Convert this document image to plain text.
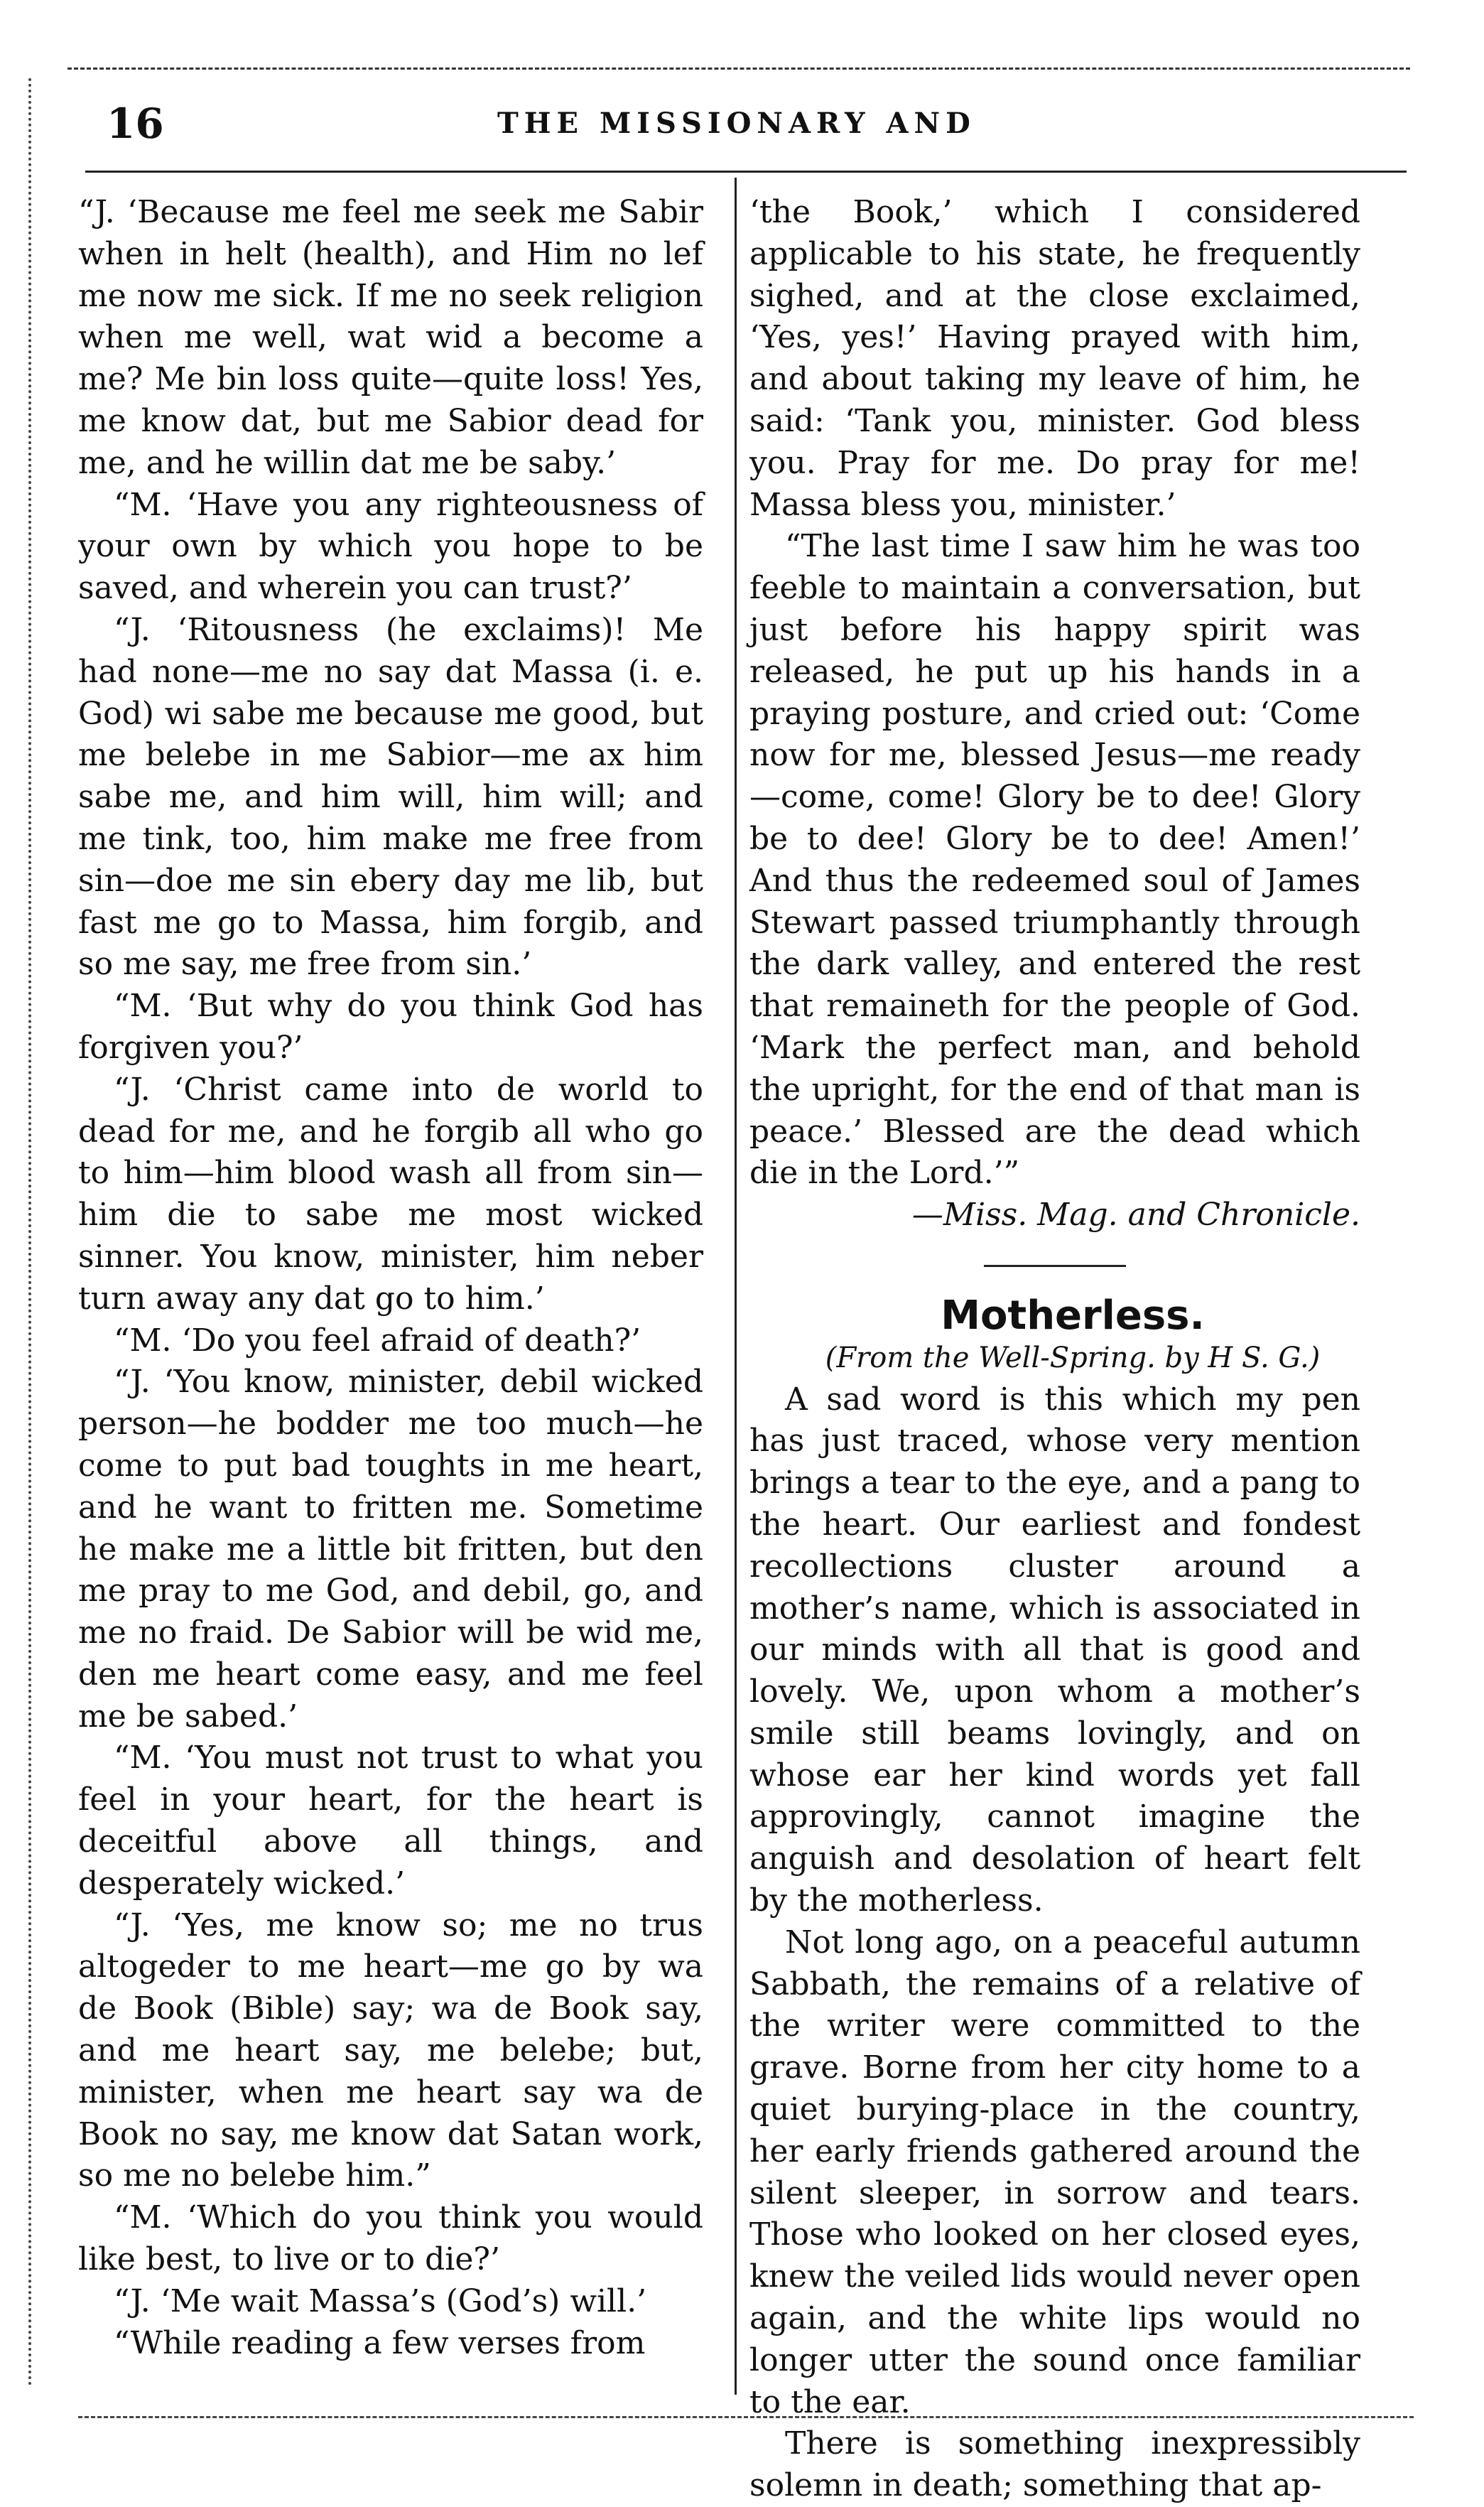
16	THE MISSIONARY AND

“J. ‘Because me feel me seek me Sabir when in helt (health), and Him no lef me now me sick. If me no seek religion when me well, wat wid a become a me? Me bin loss quite—quite loss! Yes, me know dat, but me Sabior dead for me, and he willin dat me be saby.’

“M. ‘Have you any righteousness of your own by which you hope to be saved, and wherein you can trust?’

“J. ‘Ritousness (he exclaims)! Me had none—me no say dat Massa (i. e. God) wi sabe me because me good, but me belebe in me Sabior—me ax him sabe me, and him will, him will; and me tink, too, him make me free from sin—doe me sin ebery day me lib, but fast me go to Massa, him forgib, and so me say, me free from sin.’

“M. ‘But why do you think God has forgiven you?’

“J. ‘Christ came into de world to dead for me, and he forgib all who go to him—him blood wash all from sin—him die to sabe me most wicked sinner. You know, minister, him neber turn away any dat go to him.’

“M. ‘Do you feel afraid of death?’

“J. ‘You know, minister, debil wicked person—he bodder me too much—he come to put bad toughts in me heart, and he want to fritten me. Sometime he make me a little bit fritten, but den me pray to me God, and debil, go, and me no fraid. De Sabior will be wid me, den me heart come easy, and me feel me be sabed.’

“M. ‘You must not trust to what you feel in your heart, for the heart is deceitful above all things, and desperately wicked.’

“J. ‘Yes, me know so; me no trus altogeder to me heart—me go by wa de Book (Bible) say; wa de Book say, and me heart say, me belebe; but, minister, when me heart say wa de Book no say, me know dat Satan work, so me no belebe him.”

“M. ‘Which do you think you would like best, to live or to die?’

“J. ‘Me wait Massa’s (God’s) will.’

“While reading a few verses from

‘the Book,’ which I considered applicable to his state, he frequently sighed, and at the close exclaimed, ‘Yes, yes!’ Having prayed with him, and about taking my leave of him, he said: ‘Tank you, minister. God bless you. Pray for me. Do pray for me! Massa bless you, minister.’

“The last time I saw him he was too feeble to maintain a conversation, but just before his happy spirit was released, he put up his hands in a praying posture, and cried out: ‘Come now for me, blessed Jesus—me ready—come, come! Glory be to dee! Glory be to dee! Glory be to dee! Amen!’ And thus the redeemed soul of James Stewart passed triumphantly through the dark valley, and entered the rest that remaineth for the people of God. ‘Mark the perfect man, and behold the upright, for the end of that man is peace.’ Blessed are the dead which die in the Lord.’”

—Miss. Mag. and Chronicle.

Motherless.

(From the Well-Spring. by H S. G.)

A sad word is this which my pen has just traced, whose very mention brings a tear to the eye, and a pang to the heart. Our earliest and fondest recollections cluster around a mother’s name, which is associated in our minds with all that is good and lovely. We, upon whom a mother’s smile still beams lovingly, and on whose ear her kind words yet fall approvingly, cannot imagine the anguish and desolation of heart felt by the motherless.

Not long ago, on a peaceful autumn Sabbath, the remains of a relative of the writer were committed to the grave. Borne from her city home to a quiet burying-place in the country, her early friends gathered around the silent sleeper, in sorrow and tears. Those who looked on her closed eyes, knew the veiled lids would never open again, and the white lips would no longer utter the sound once familiar to the ear.

There is something inexpressibly solemn in death; something that ap-
